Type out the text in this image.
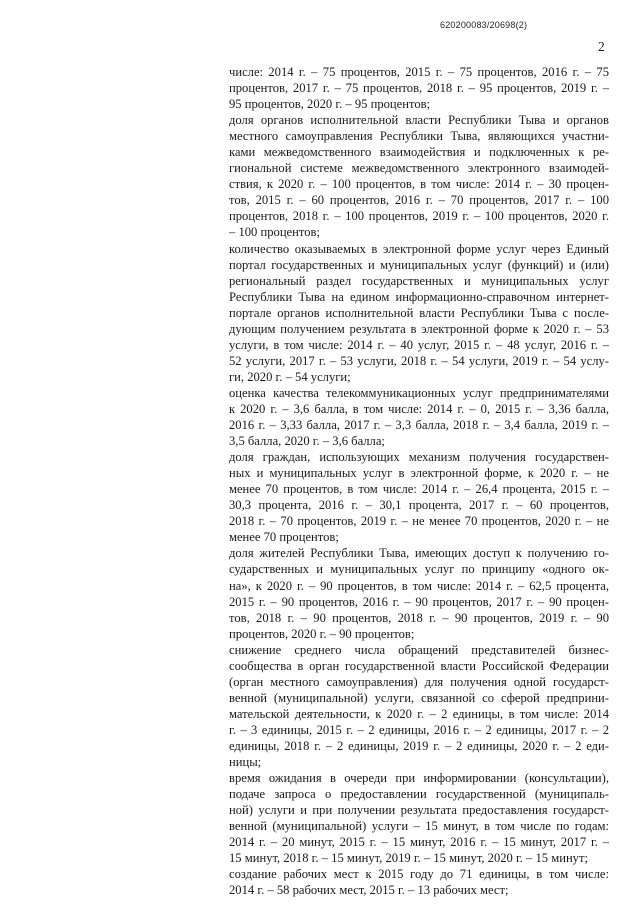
620200083/20698(2)
2
числе: 2014 г. – 75 процентов, 2015 г. – 75 процентов, 2016 г. – 75
процентов, 2017 г. – 75 процентов, 2018 г. – 95 процентов, 2019 г. –
95 процентов, 2020 г. – 95 процентов;
доля органов исполнительной власти Республики Тыва и органов
местного самоуправления Республики Тыва, являющихся участни-
ками межведомственного взаимодействия и подключенных к ре-
гиональной системе межведомственного электронного взаимодей-
ствия, к 2020 г. – 100 процентов, в том числе: 2014 г. – 30 процен-
тов, 2015 г. – 60 процентов, 2016 г. – 70 процентов, 2017 г. – 100
процентов, 2018 г. – 100 процентов, 2019 г. – 100 процентов, 2020 г.
– 100 процентов;
количество оказываемых в электронной форме услуг через Единый
портал государственных и муниципальных услуг (функций) и (или)
региональный раздел государственных и муниципальных услуг
Республики Тыва на едином информационно-справочном интернет-
портале органов исполнительной власти Республики Тыва с после-
дующим получением результата в электронной форме к 2020 г. – 53
услуги, в том числе: 2014 г. – 40 услуг, 2015 г. – 48 услуг, 2016 г. –
52 услуги, 2017 г. – 53 услуги, 2018 г. – 54 услуги, 2019 г. – 54 услу-
ги, 2020 г. – 54 услуги;
оценка качества телекоммуникационных услуг предпринимателями
к 2020 г. – 3,6 балла, в том числе: 2014 г. – 0, 2015 г. – 3,36 балла,
2016 г. – 3,33 балла, 2017 г. – 3,3 балла, 2018 г. – 3,4 балла, 2019 г. –
3,5 балла, 2020 г. – 3,6 балла;
доля граждан, использующих механизм получения государствен-
ных и муниципальных услуг в электронной форме, к 2020 г. – не
менее 70 процентов, в том числе: 2014 г. – 26,4 процента, 2015 г. –
30,3 процента, 2016 г. – 30,1 процента, 2017 г. – 60 процентов,
2018 г. – 70 процентов, 2019 г. – не менее 70 процентов, 2020 г. – не
менее 70 процентов;
доля жителей Республики Тыва, имеющих доступ к получению го-
сударственных и муниципальных услуг по принципу «одного ок-
на», к 2020 г. – 90 процентов, в том числе: 2014 г. – 62,5 процента,
2015 г. – 90 процентов, 2016 г. – 90 процентов, 2017 г. – 90 процен-
тов, 2018 г. – 90 процентов, 2018 г. – 90 процентов, 2019 г. – 90
процентов, 2020 г. – 90 процентов;
снижение среднего числа обращений представителей бизнес-
сообщества в орган государственной власти Российской Федерации
(орган местного самоуправления) для получения одной государст-
венной (муниципальной) услуги, связанной со сферой предприни-
мательской деятельности, к 2020 г. – 2 единицы, в том числе: 2014
г. – 3 единицы, 2015 г. – 2 единицы, 2016 г. – 2 единицы, 2017 г. – 2
единицы, 2018 г. – 2 единицы, 2019 г. – 2 единицы, 2020 г. – 2 еди-
ницы;
время ожидания в очереди при информировании (консультации),
подаче запроса о предоставлении государственной (муниципаль-
ной) услуги и при получении результата предоставления государст-
венной (муниципальной) услуги – 15 минут, в том числе по годам:
2014 г. – 20 минут, 2015 г. – 15 минут, 2016 г. – 15 минут, 2017 г. –
15 минут, 2018 г. – 15 минут, 2019 г. – 15 минут, 2020 г. – 15 минут;
создание рабочих мест к 2015 году до 71 единицы, в том числе:
2014 г. – 58 рабочих мест, 2015 г. – 13 рабочих мест;
